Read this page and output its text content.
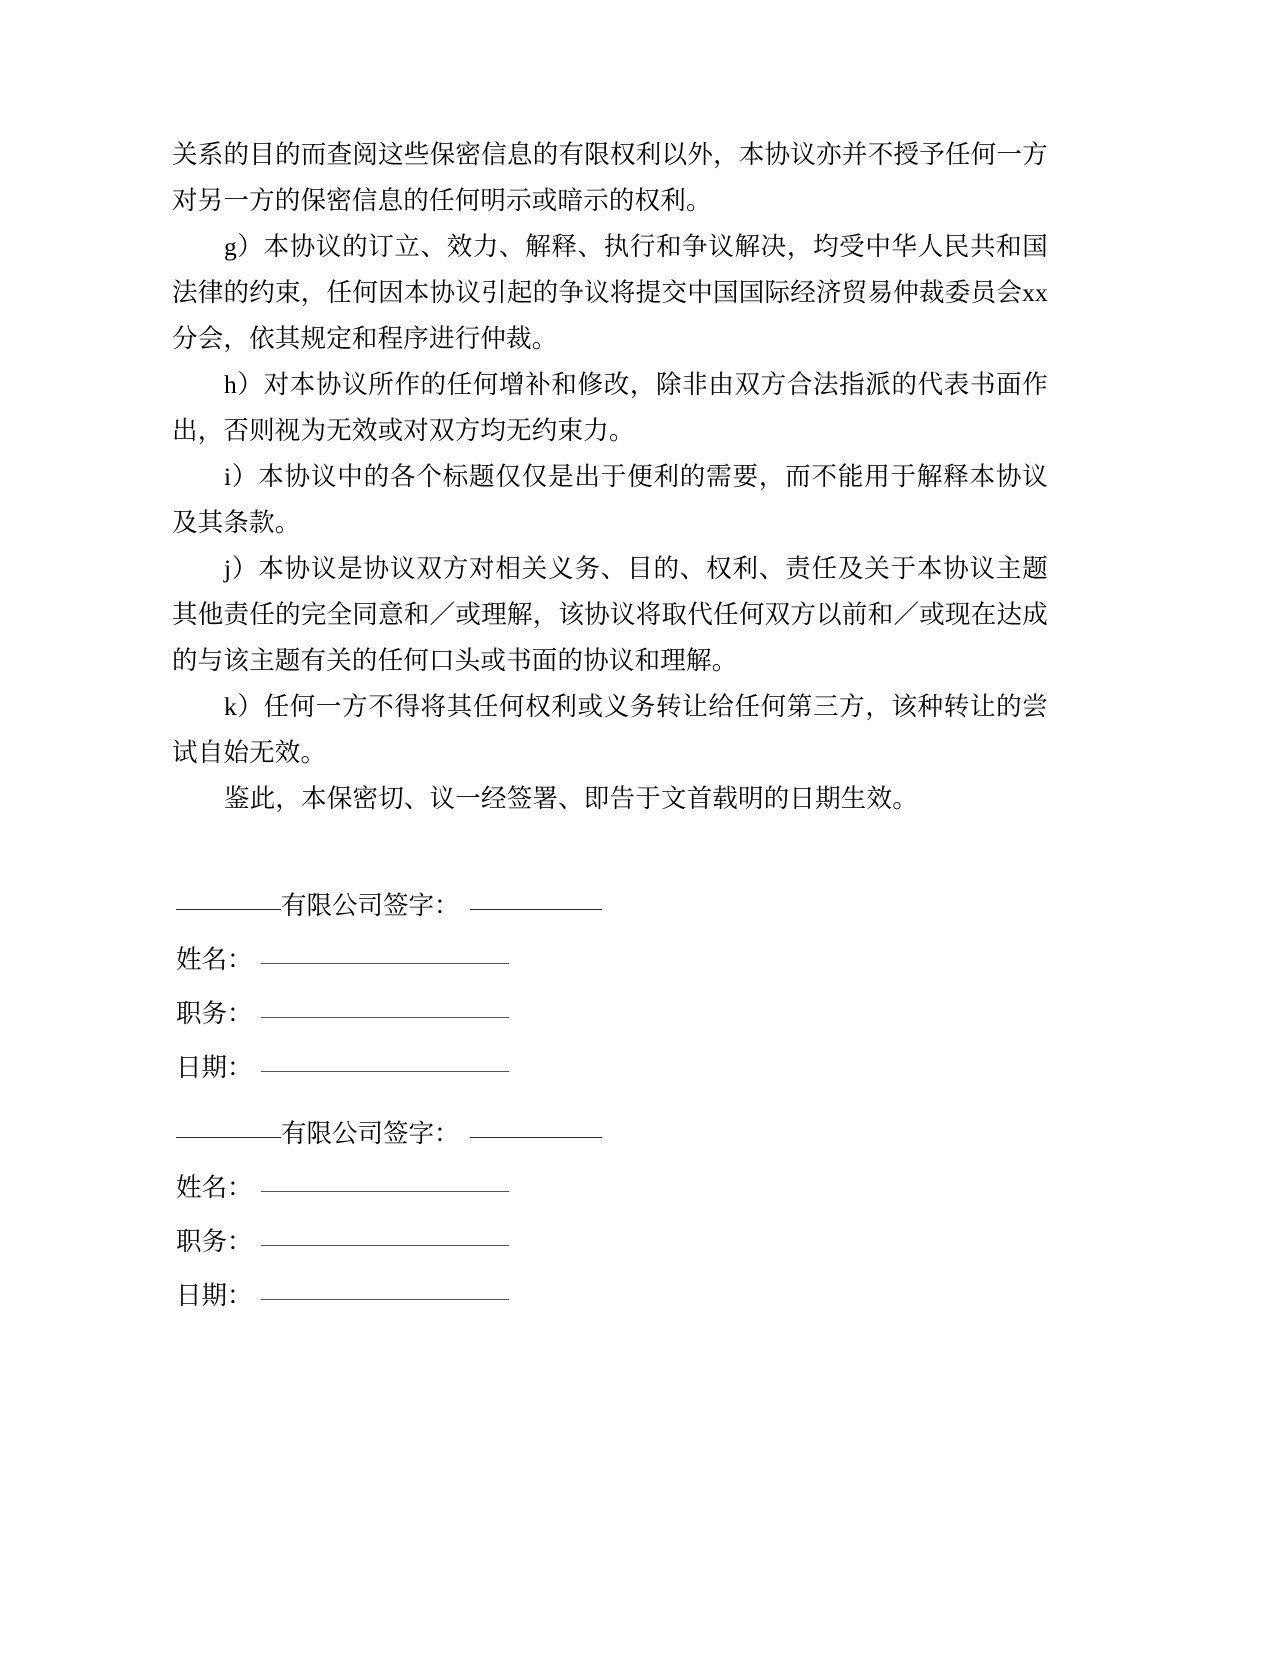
关系的目的而查阅这些保密信息的有限权利以外，本协议亦并不授予任何一方对另一方的保密信息的任何明示或暗示的权利。

g）本协议的订立、效力、解释、执行和争议解决，均受中华人民共和国法律的约束，任何因本协议引起的争议将提交中国国际经济贸易仲裁委员会xx分会，依其规定和程序进行仲裁。

h）对本协议所作的任何增补和修改，除非由双方合法指派的代表书面作出，否则视为无效或对双方均无约束力。

i）本协议中的各个标题仅仅是出于便利的需要，而不能用于解释本协议及其条款。

j）本协议是协议双方对相关义务、目的、权利、责任及关于本协议主题其他责任的完全同意和／或理解，该协议将取代任何双方以前和／或现在达成的与该主题有关的任何口头或书面的协议和理解。

k）任何一方不得将其任何权利或义务转让给任何第三方，该种转让的尝试自始无效。

鉴此，本保密切、议一经签署、即告于文首载明的日期生效。

有限公司签字：
姓名：
职务：
日期：
有限公司签字：
姓名：
职务：
日期：
